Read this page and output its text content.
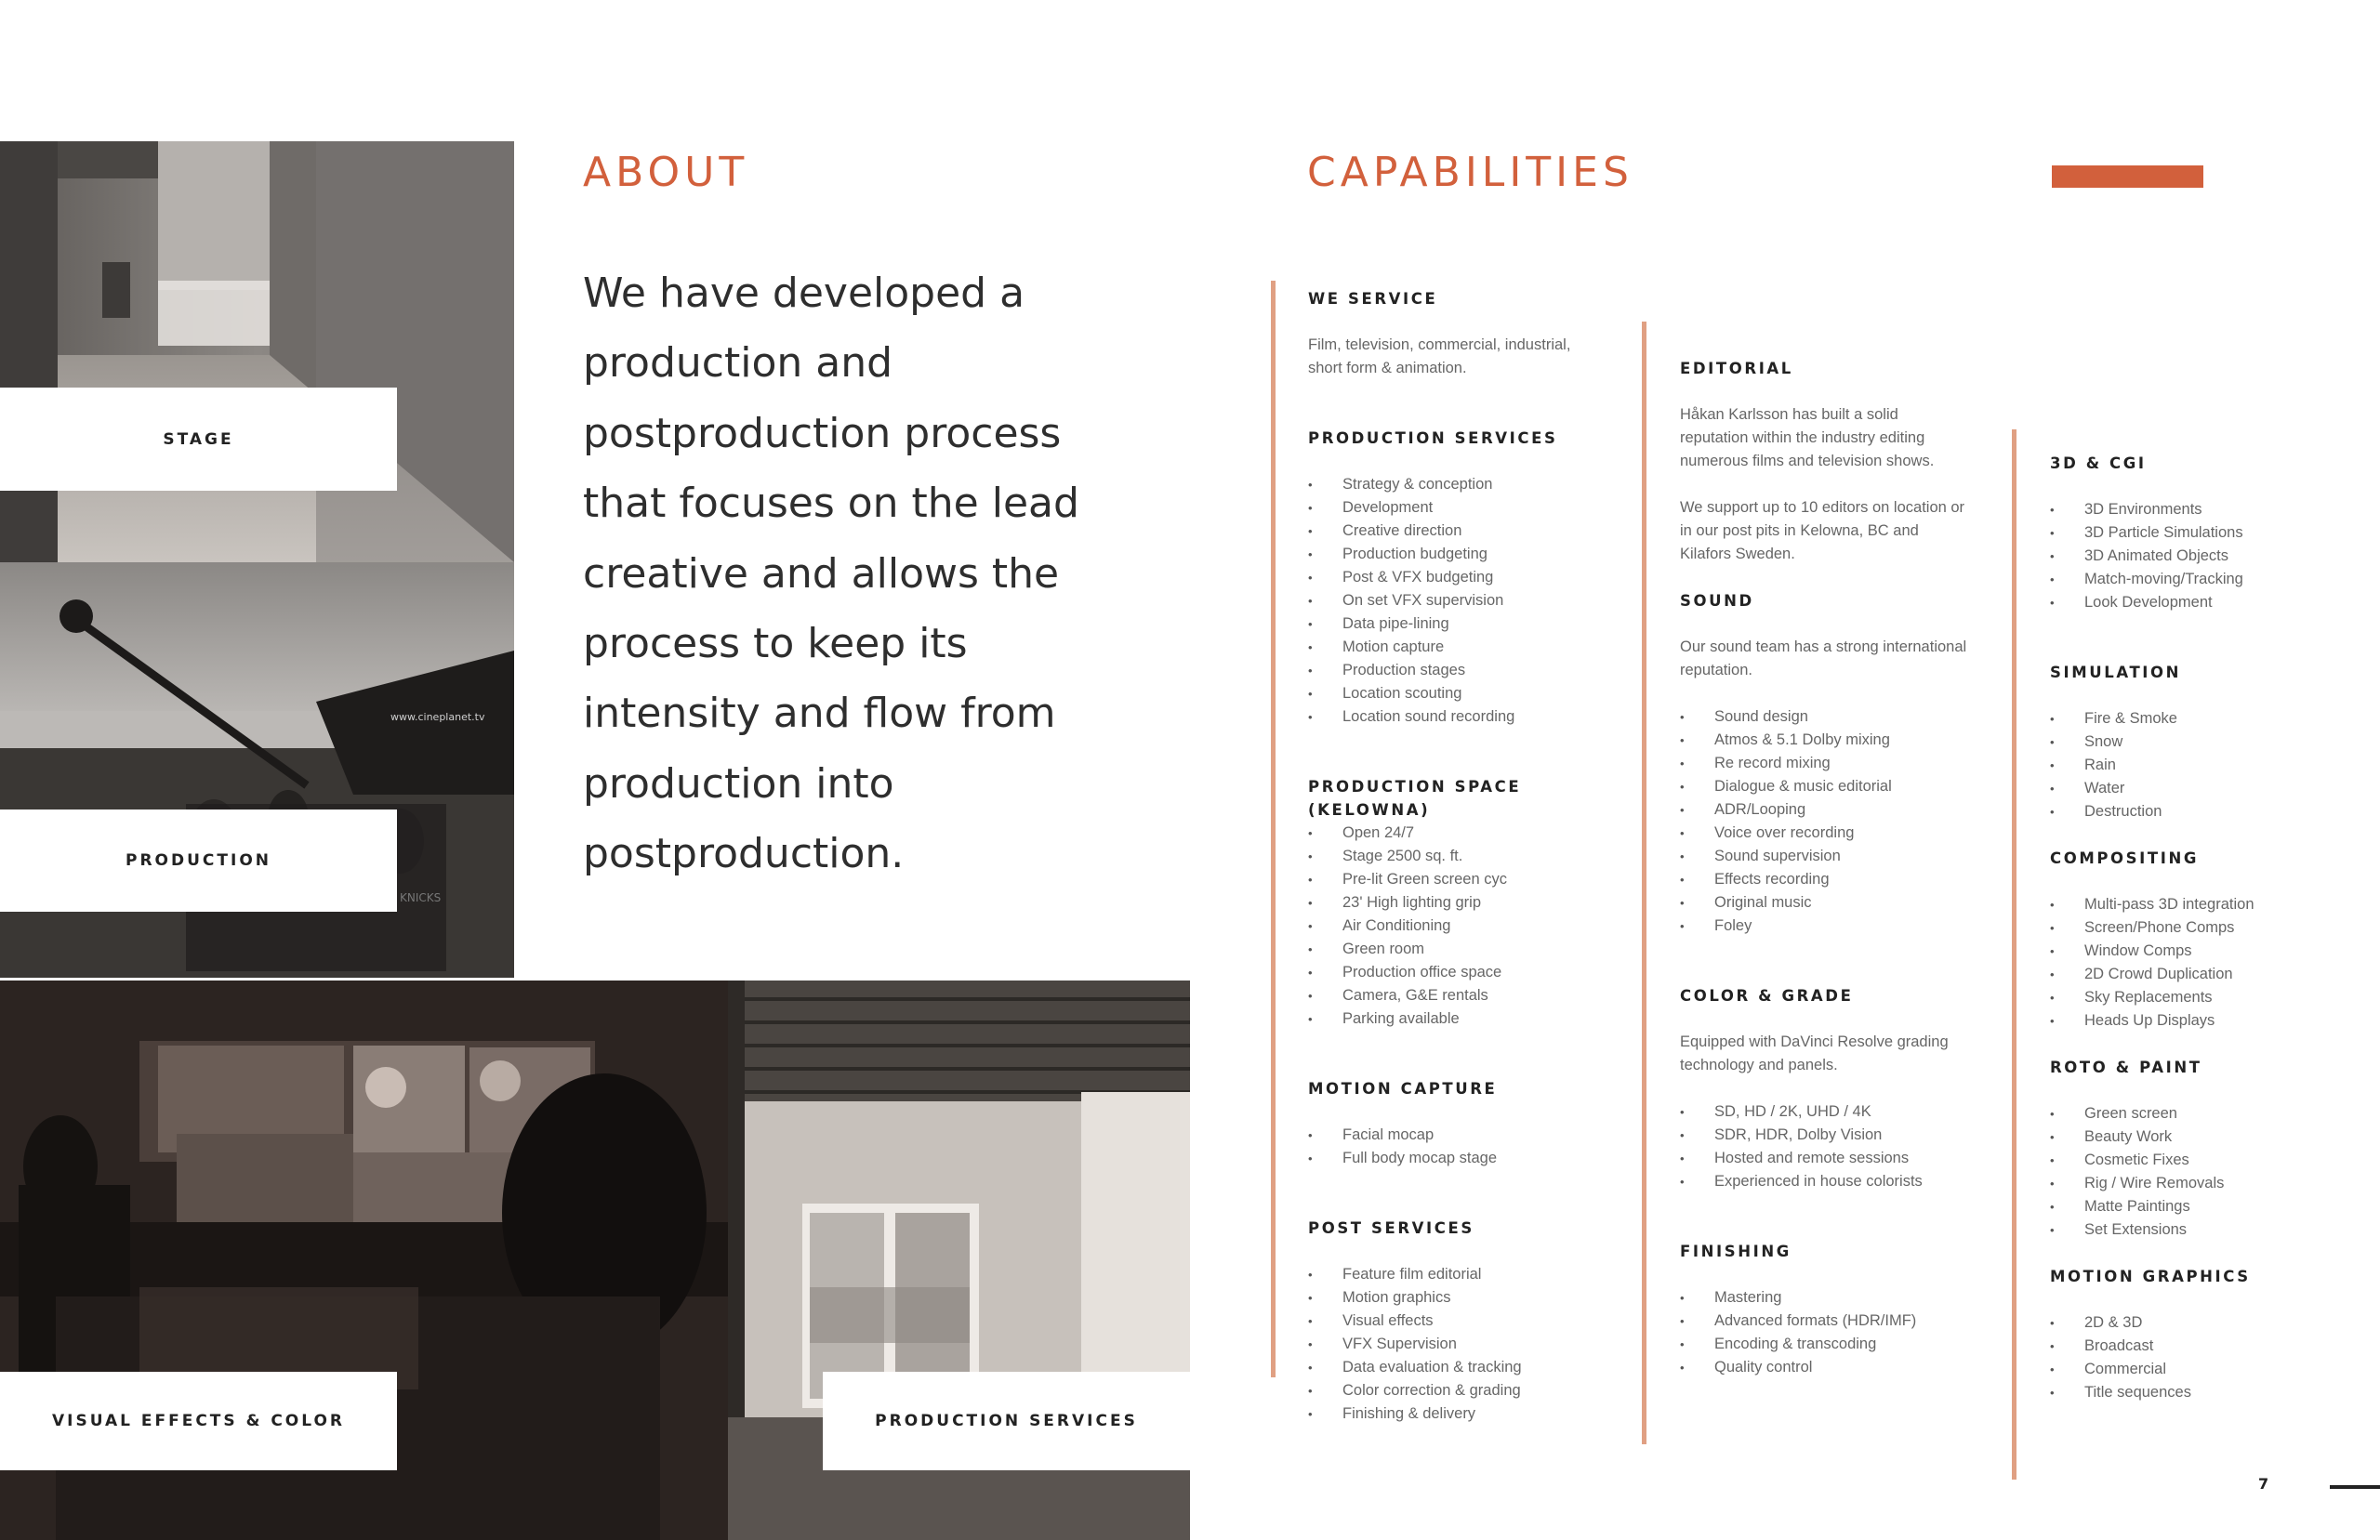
STAGE
www.cineplanet.tv
KNICKS
PRODUCTION
VISUAL EFFECTS & COLOR	PRODUCTION SERVICES
ABOUT

We have developed a production and postproduction process that focuses on the lead creative and allows the process to keep its intensity and flow from production into postproduction.

CAPABILITIES
WE SERVICE

Film, television, commercial, industrial, short form & animation.

PRODUCTION SERVICES
• Strategy & conception
• Development
• Creative direction
• Production budgeting
• Post & VFX budgeting
• On set VFX supervision
• Data pipe-lining
• Motion capture
• Production stages
• Location scouting
• Location sound recording
PRODUCTION SPACE (KELOWNA)
• Open 24/7
• Stage 2500 sq. ft.
• Pre-lit Green screen cyc
• 23' High lighting grip
• Air Conditioning
• Green room
• Production office space
• Camera, G&E rentals
• Parking available
MOTION CAPTURE
• Facial mocap
• Full body mocap stage
POST SERVICES
• Feature film editorial
• Motion graphics
• Visual effects
• VFX Supervision
• Data evaluation & tracking
• Color correction & grading
• Finishing & delivery
EDITORIAL

Håkan Karlsson has built a solid reputation within the industry editing numerous films and television shows.

We support up to 10 editors on location or in our post pits in Kelowna, BC and Kilafors Sweden.

SOUND

Our sound team has a strong international reputation.

• Sound design
• Atmos & 5.1 Dolby mixing
• Re record mixing
• Dialogue & music editorial
• ADR/Looping
• Voice over recording
• Sound supervision
• Effects recording
• Original music
• Foley
COLOR & GRADE

Equipped with DaVinci Resolve grading technology and panels.

• SD, HD / 2K, UHD / 4K
• SDR, HDR, Dolby Vision
• Hosted and remote sessions
• Experienced in house colorists
FINISHING
• Mastering
• Advanced formats (HDR/IMF)
• Encoding & transcoding
• Quality control
3D & CGI
• 3D Environments
• 3D Particle Simulations
• 3D Animated Objects
• Match-moving/Tracking
• Look Development
SIMULATION
• Fire & Smoke
• Snow
• Rain
• Water
• Destruction
COMPOSITING
• Multi-pass 3D integration
• Screen/Phone Comps
• Window Comps
• 2D Crowd Duplication
• Sky Replacements
• Heads Up Displays
ROTO & PAINT
• Green screen
• Beauty Work
• Cosmetic Fixes
• Rig / Wire Removals
• Matte Paintings
• Set Extensions
MOTION GRAPHICS
• 2D & 3D
• Broadcast
• Commercial
• Title sequences
7
